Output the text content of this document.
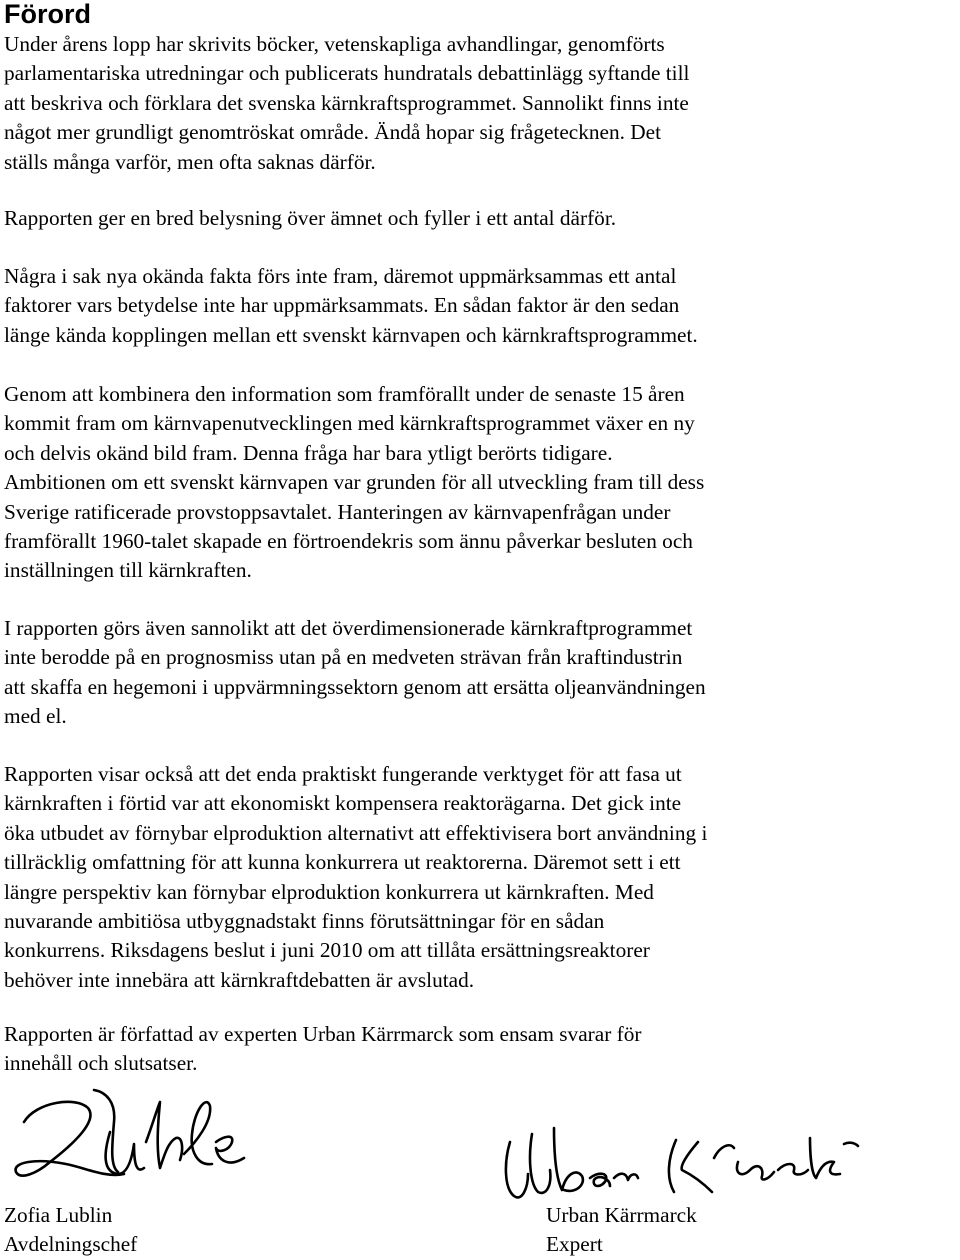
Förord
Under årens lopp har skrivits böcker, vetenskapliga avhandlingar, genomförts
parlamentariska utredningar och publicerats hundratals debattinlägg syftande till
att beskriva och förklara det svenska kärnkraftsprogrammet. Sannolikt finns inte
något mer grundligt genomtröskat område. Ändå hopar sig frågetecknen. Det
ställs många varför, men ofta saknas därför.
Rapporten ger en bred belysning över ämnet och fyller i ett antal därför.
Några i sak nya okända fakta förs inte fram, däremot uppmärksammas ett antal
faktorer vars betydelse inte har uppmärksammats. En sådan faktor är den sedan
länge kända kopplingen mellan ett svenskt kärnvapen och kärnkraftsprogrammet.
Genom att kombinera den information som framförallt under de senaste 15 åren
kommit fram om kärnvapenutvecklingen med kärnkraftsprogrammet växer en ny
och delvis okänd bild fram. Denna fråga har bara ytligt berörts tidigare.
Ambitionen om ett svenskt kärnvapen var grunden för all utveckling fram till dess
Sverige ratificerade provstoppsavtalet. Hanteringen av kärnvapenfrågan under
framförallt 1960-talet skapade en förtroendekris som ännu påverkar besluten och
inställningen till kärnkraften.
I rapporten görs även sannolikt att det överdimensionerade kärnkraftprogrammet
inte berodde på en prognosmiss utan på en medveten strävan från kraftindustrin
att skaffa en hegemoni i uppvärmningssektorn genom att ersätta oljeanvändningen
med el.
Rapporten visar också att det enda praktiskt fungerande verktyget för att fasa ut
kärnkraften i förtid var att ekonomiskt kompensera reaktorägarna. Det gick inte
öka utbudet av förnybar elproduktion alternativt att effektivisera bort användning i
tillräcklig omfattning för att kunna konkurrera ut reaktorerna. Däremot sett i ett
längre perspektiv kan förnybar elproduktion konkurrera ut kärnkraften. Med
nuvarande ambitiösa utbyggnadstakt finns förutsättningar för en sådan
konkurrens. Riksdagens beslut i juni 2010 om att tillåta ersättningsreaktorer
behöver inte innebära att kärnkraftdebatten är avslutad.
Rapporten är författad av experten Urban Kärrmarck som ensam svarar för
innehåll och slutsatser.
Zofia Lublin
Avdelningschef
Urban Kärrmarck
Expert
